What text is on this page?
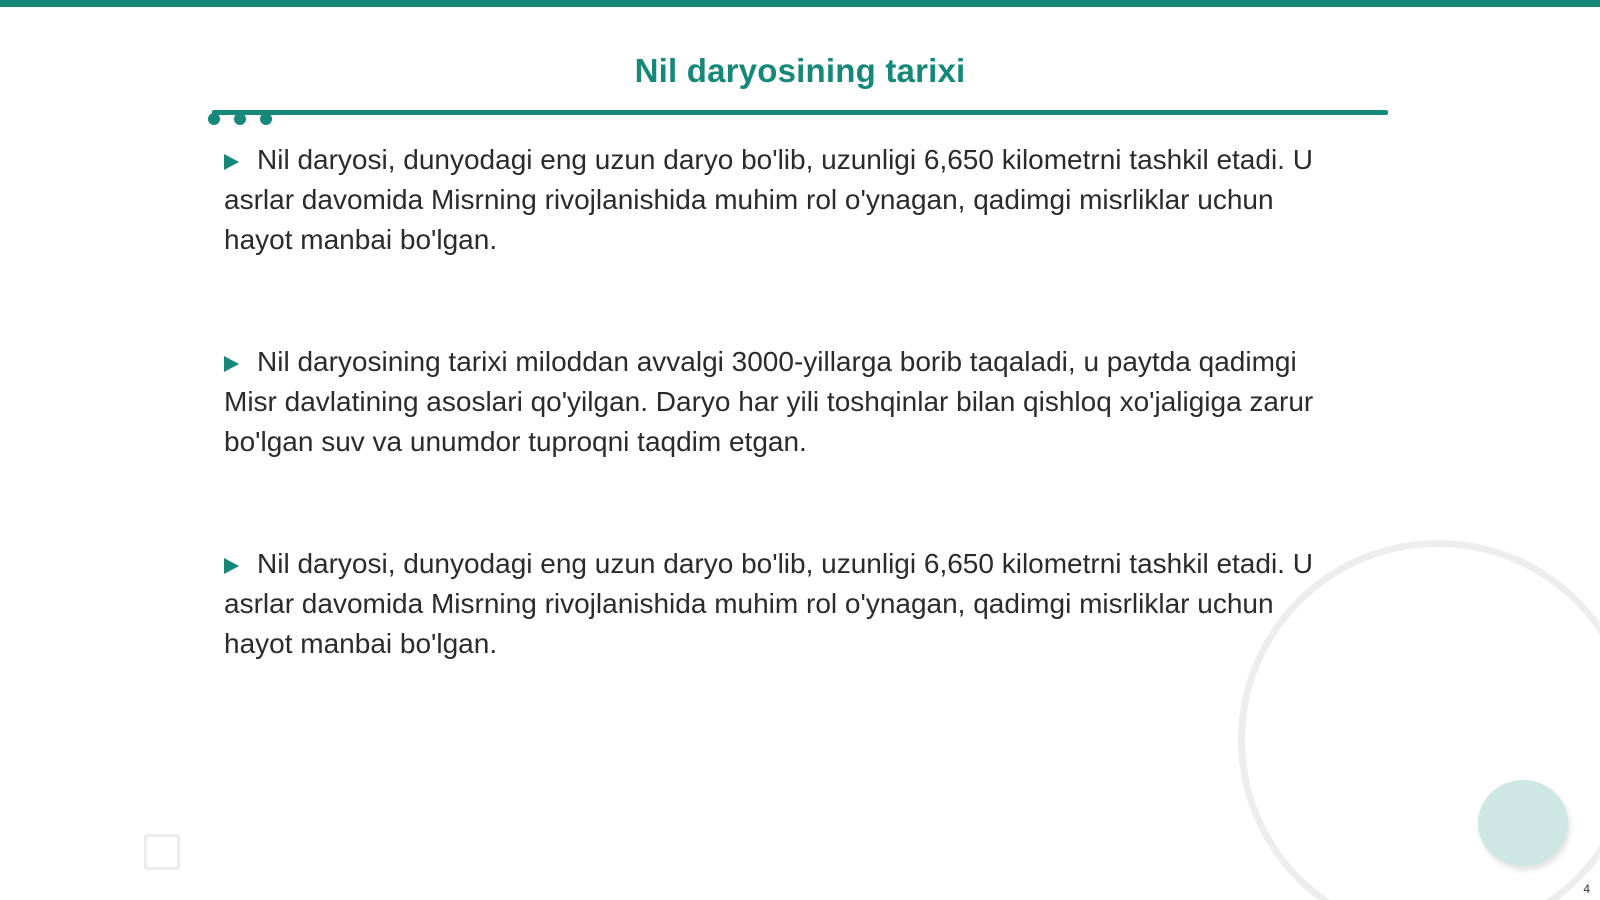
Nil daryosining tarixi

Nil daryosi, dunyodagi eng uzun daryo bo'lib, uzunligi 6,650 kilometrni tashkil etadi. U asrlar davomida Misrning rivojlanishida muhim rol o'ynagan, qadimgi misrliklar uchun hayot manbai bo'lgan.

Nil daryosining tarixi miloddan avvalgi 3000-yillarga borib taqaladi, u paytda qadimgi Misr davlatining asoslari qo'yilgan. Daryo har yili toshqinlar bilan qishloq xo'jaligiga zarur bo'lgan suv va unumdor tuproqni taqdim etgan.

Nil daryosi, dunyodagi eng uzun daryo bo'lib, uzunligi 6,650 kilometrni tashkil etadi. U asrlar davomida Misrning rivojlanishida muhim rol o'ynagan, qadimgi misrliklar uchun hayot manbai bo'lgan.

4
